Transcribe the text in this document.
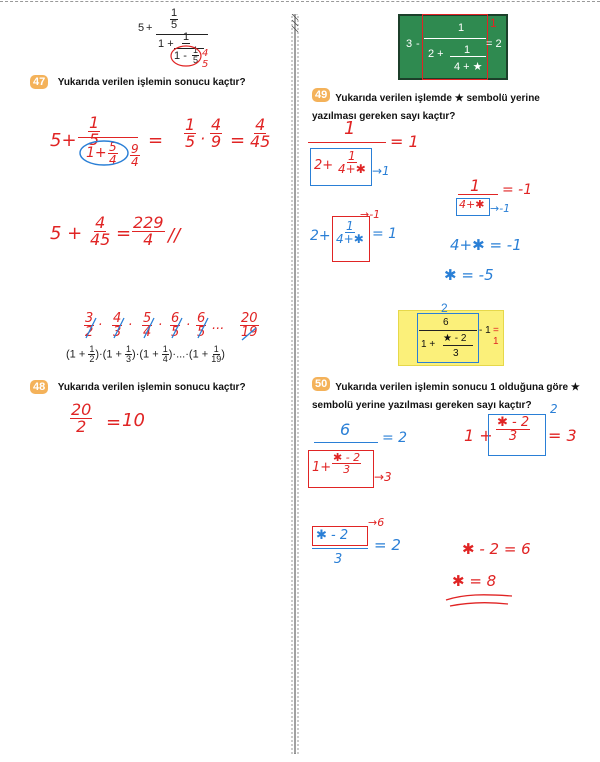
$5 + \frac{1}{5}$
1 +
1
$1 - \frac{1}{5} 4$
5
47 Yukarıda verilen işlemin sonucu kaçtır?
$5+ \frac{1}{5}$
$1+ \frac{5}{4} \frac{9}{4}$
= $\frac{1}{5} \cdot \frac{4}{9} = \frac{4}{45}$
$5 + \frac{4}{45} = \frac{229}{4}$ //
$\frac{3}{2} \cdot \frac{4}{3} \cdot \frac{5}{4} \cdot \frac{6}{5} \cdot \frac{6}{5}$ ... $\frac{20}{19}$
$(1 + \frac{1}{2} )\cdot(1 + \frac{1}{3} )\cdot(1 + \frac{1}{4} )\cdot...\cdot(1 + \frac{1}{19}$ )
48 Yukarıda verilen işlemin sonucu kaçtır?
$\frac{20}{2} = 10$
3 -
1
2 + 1
4 + ★
= 2
1
49 Yukarıda verilen işlemde ★ sembolü yerine yazılması gereken sayı kaçtır?
1
= 1
$2+ \frac{1}{4+✱} \to 1$
$2+ \frac{1}{4+✱} = 1$
→-1
1 = -1
4+✱ →-1
4+✱ = -1
✱ = -5
2
6
1 +
★ - 2
3
- 1 = 1
50 Yukarıda verilen işlemin sonucu 1 olduğuna göre ★ sembolü yerine yazılması gereken sayı kaçtır?
6 = 2
$1+ \frac{✱ - 2}{3}$
→3
$1 + \frac{✱ - 2}{3} = 3$
2
✱ - 2
3
= 2
→6
✱ - 2 = 6
✱ = 8
